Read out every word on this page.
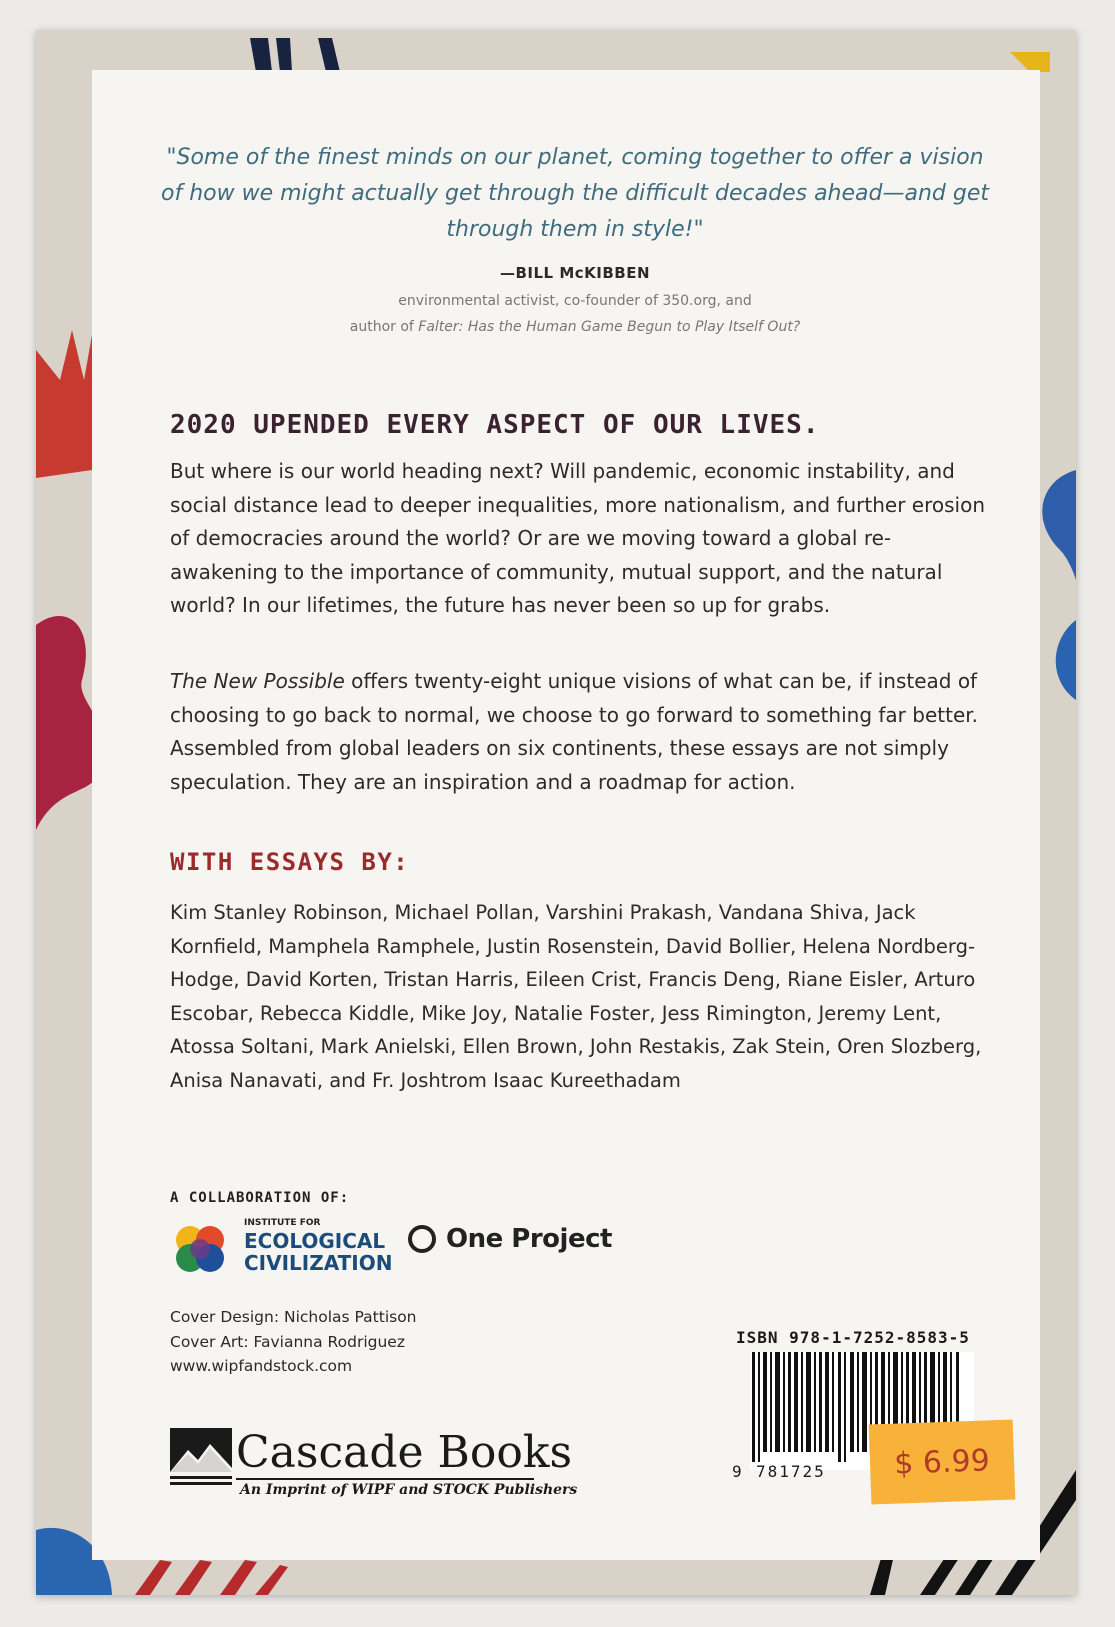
"Some of the finest minds on our planet, coming together to offer a vision of how we might actually get through the difficult decades ahead—and get through them in style!"

—BILL McKIBBEN
environmental activist, co-founder of 350.org, and
author of Falter: Has the Human Game Begun to Play Itself Out?
2020 UPENDED EVERY ASPECT OF OUR LIVES.

But where is our world heading next? Will pandemic, economic instability, and social distance lead to deeper inequalities, more nationalism, and further erosion of democracies around the world? Or are we moving toward a global re-awakening to the importance of community, mutual support, and the natural world? In our lifetimes, the future has never been so up for grabs.

The New Possible offers twenty-eight unique visions of what can be, if instead of choosing to go back to normal, we choose to go forward to something far better. Assembled from global leaders on six continents, these essays are not simply speculation. They are an inspiration and a roadmap for action.

WITH ESSAYS BY:

Kim Stanley Robinson, Michael Pollan, Varshini Prakash, Vandana Shiva, Jack Kornfield, Mamphela Ramphele, Justin Rosenstein, David Bollier, Helena Nordberg-Hodge, David Korten, Tristan Harris, Eileen Crist, Francis Deng, Riane Eisler, Arturo Escobar, Rebecca Kiddle, Mike Joy, Natalie Foster, Jess Rimington, Jeremy Lent, Atossa Soltani, Mark Anielski, Ellen Brown, John Restakis, Zak Stein, Oren Slozberg, Anisa Nanavati, and Fr. Joshtrom Isaac Kureethadam

A COLLABORATION OF:
INSTITUTE FOR
ECOLOGICAL
CIVILIZATION
One Project
Cover Design: Nicholas Pattison
Cover Art: Favianna Rodriguez
www.wipfandstock.com
Cascade Books
An Imprint of WIPF and STOCK Publishers
ISBN 978-1-7252-8583-5
9 781725 $ 6.99
